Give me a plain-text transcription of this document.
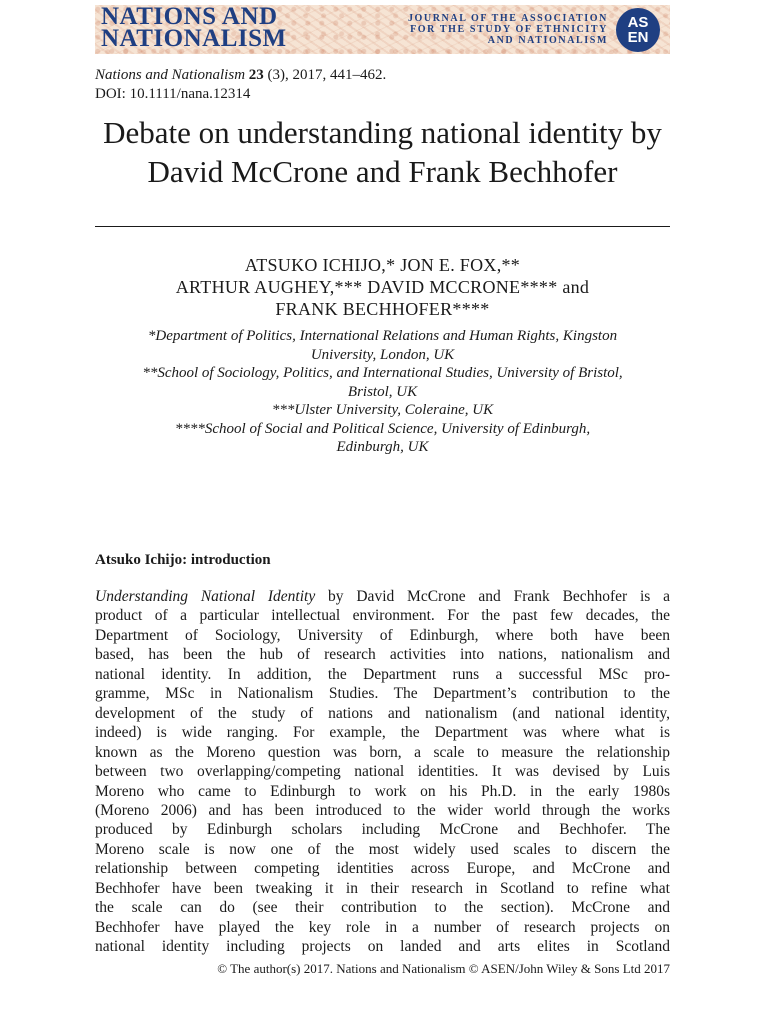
NATIONS AND
NATIONALISM
JOURNAL OF THE ASSOCIATION
FOR THE STUDY OF ETHNICITY
AND NATIONALISM
AS
EN
Nations and Nationalism 23 (3), 2017, 441–462.
DOI: 10.1111/nana.12314
Debate on understanding national identity by David McCrone and Frank Bechhofer
ATSUKO ICHIJO,* JON E. FOX,**
ARTHUR AUGHEY,*** DAVID MCCRONE**** and
FRANK BECHHOFER****
*Department of Politics, International Relations and Human Rights, Kingston
University, London, UK
**School of Sociology, Politics, and International Studies, University of Bristol,
Bristol, UK
***Ulster University, Coleraine, UK
****School of Social and Political Science, University of Edinburgh,
Edinburgh, UK
Atsuko Ichijo: introduction
Understanding National Identity by David McCrone and Frank Bechhofer is a
product of a particular intellectual environment. For the past few decades, the
Department of Sociology, University of Edinburgh, where both have been
based, has been the hub of research activities into nations, nationalism and
national identity. In addition, the Department runs a successful MSc pro-
gramme, MSc in Nationalism Studies. The Department’s contribution to the
development of the study of nations and nationalism (and national identity,
indeed) is wide ranging. For example, the Department was where what is
known as the Moreno question was born, a scale to measure the relationship
between two overlapping/competing national identities. It was devised by Luis
Moreno who came to Edinburgh to work on his Ph.D. in the early 1980s
(Moreno 2006) and has been introduced to the wider world through the works
produced by Edinburgh scholars including McCrone and Bechhofer. The
Moreno scale is now one of the most widely used scales to discern the
relationship between competing identities across Europe, and McCrone and
Bechhofer have been tweaking it in their research in Scotland to refine what
the scale can do (see their contribution to the section). McCrone and
Bechhofer have played the key role in a number of research projects on
national identity including projects on landed and arts elites in Scotland
© The author(s) 2017. Nations and Nationalism © ASEN/John Wiley & Sons Ltd 2017
